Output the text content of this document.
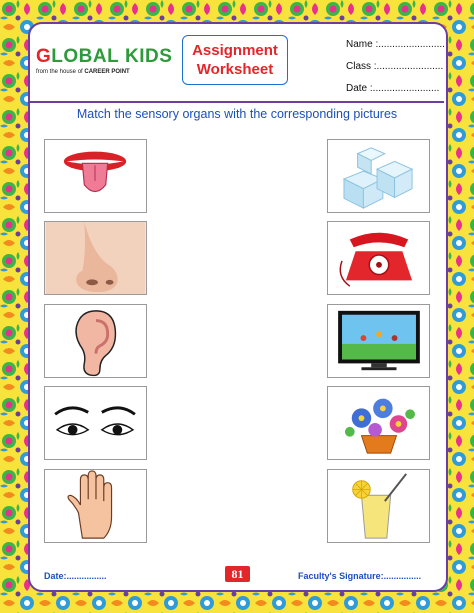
GLOBAL KIDS
from the house of CAREER POINT
Assignment
Worksheet
Name :........................
Class :........................
Date :........................
Match the sensory organs with the corresponding pictures
Date:................	81	Faculty's Signature:...............
